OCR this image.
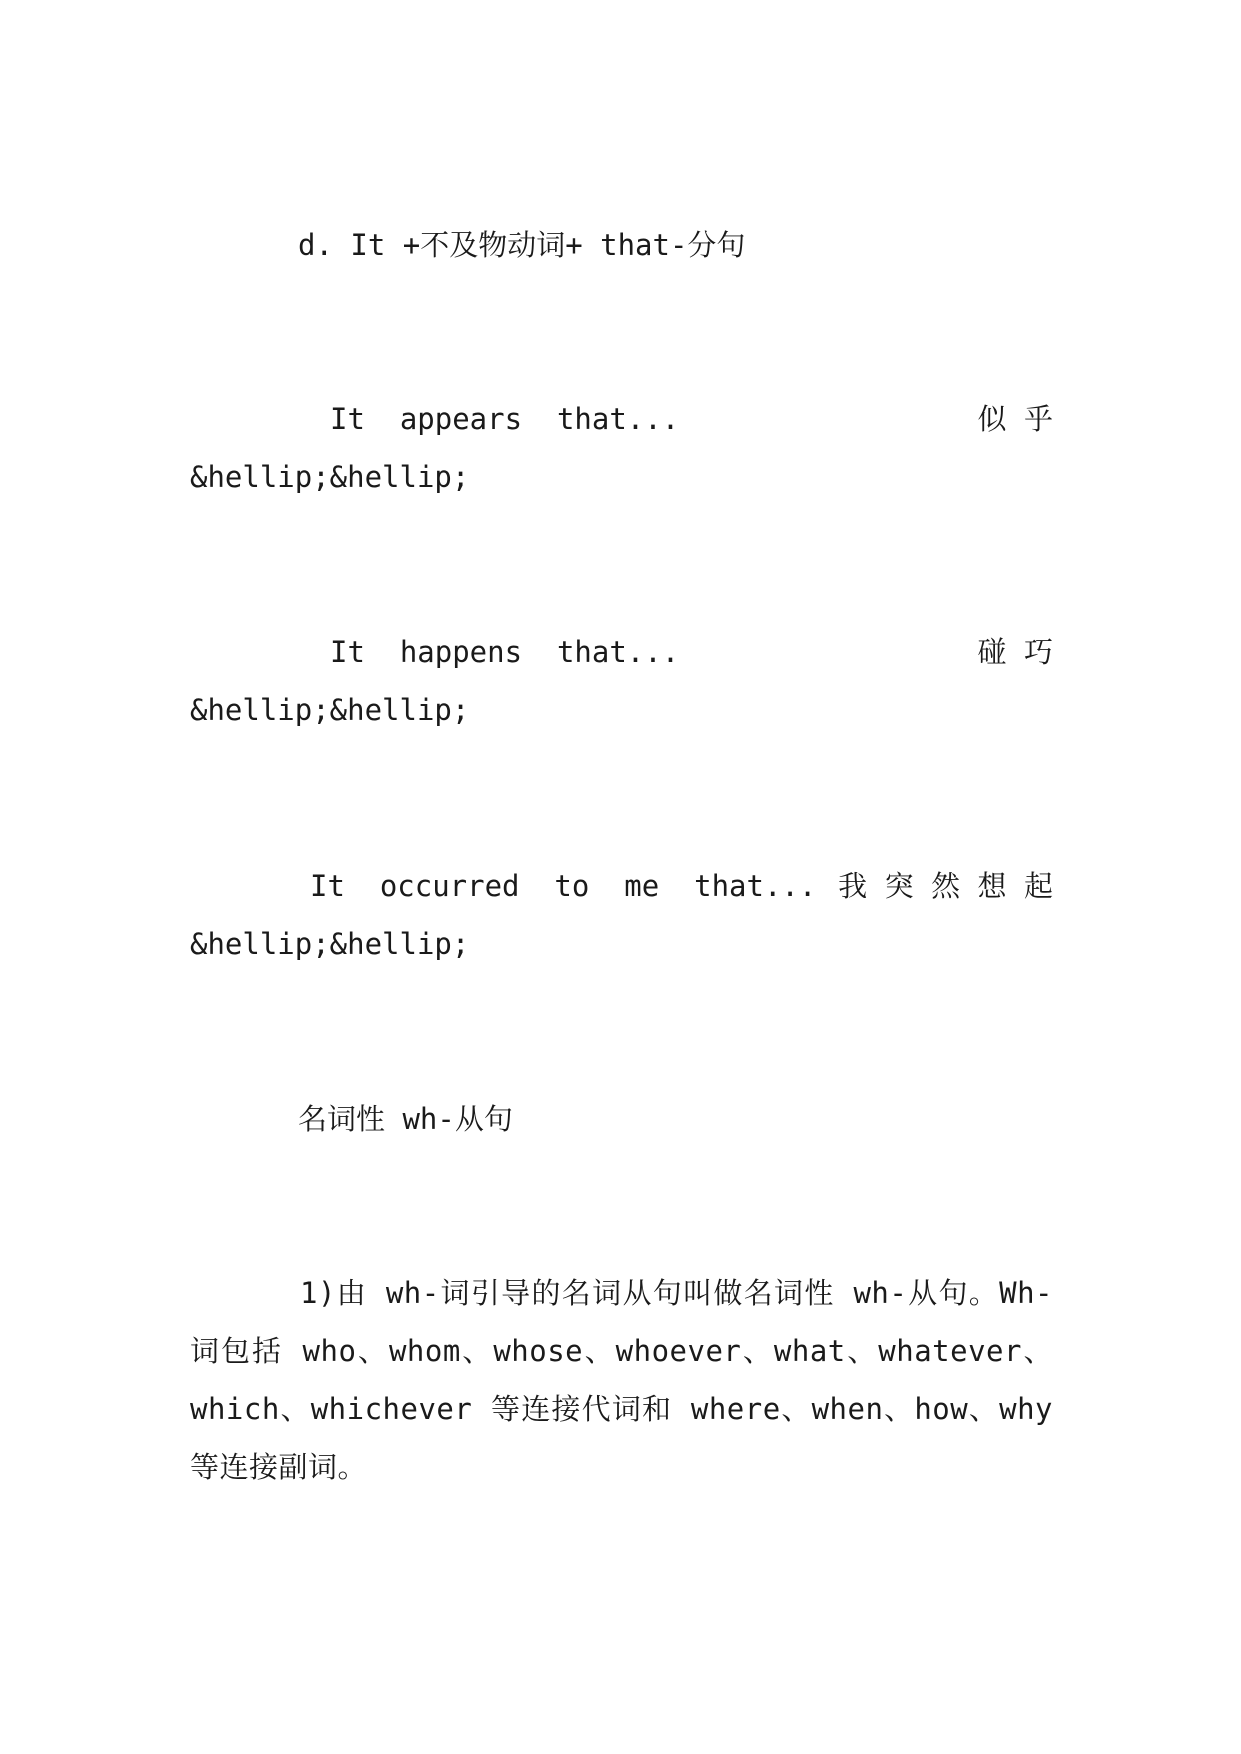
d. It +不及物动词+ that-分句
It  appears  that...	似 乎
&hellip;&hellip;
It  happens  that...	碰 巧
&hellip;&hellip;
It  occurred  to  me  that... 我 突 然 想 起
&hellip;&hellip;
名词性 wh-从句
1)由 wh-词引导的名词从句叫做名词性 wh-从句。Wh-词包括 who、whom、whose、whoever、what、whatever、which、whichever 等连接代词和 where、when、how、why 等连接副词。
